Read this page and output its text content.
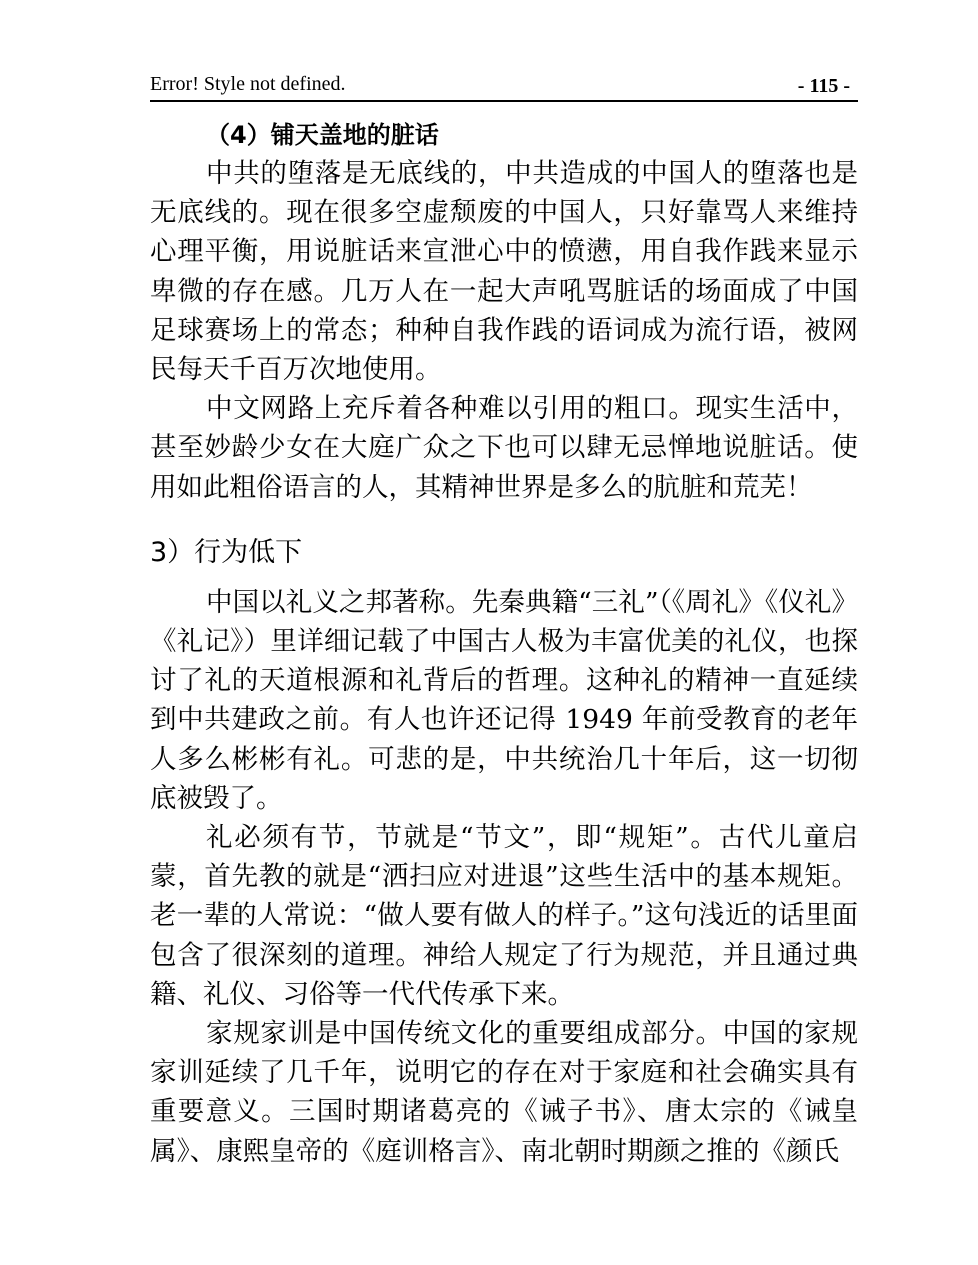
Error! Style not defined.	- 115 -
（4）铺天盖地的脏话

中共的堕落是无底线的，中共造成的中国人的堕落也是无底线的。现在很多空虚颓废的中国人，只好靠骂人来维持心理平衡，用说脏话来宣泄心中的愤懑，用自我作践来显示卑微的存在感。几万人在一起大声吼骂脏话的场面成了中国足球赛场上的常态；种种自我作践的语词成为流行语，被网民每天千百万次地使用。

中文网路上充斥着各种难以引用的粗口。现实生活中，甚至妙龄少女在大庭广众之下也可以肆无忌惮地说脏话。使用如此粗俗语言的人，其精神世界是多么的肮脏和荒芜！

3）行为低下

中国以礼义之邦著称。先秦典籍“三礼”（《周礼》《仪礼》《礼记》）里详细记载了中国古人极为丰富优美的礼仪，也探讨了礼的天道根源和礼背后的哲理。这种礼的精神一直延续到中共建政之前。有人也许还记得 1949 年前受教育的老年人多么彬彬有礼。可悲的是，中共统治几十年后，这一切彻底被毁了。

礼必须有节，节就是“节文”，即“规矩”。古代儿童启蒙，首先教的就是“洒扫应对进退”这些生活中的基本规矩。老一辈的人常说：“做人要有做人的样子。”这句浅近的话里面包含了很深刻的道理。神给人规定了行为规范，并且通过典籍、礼仪、习俗等一代代传承下来。

家规家训是中国传统文化的重要组成部分。中国的家规家训延续了几千年，说明它的存在对于家庭和社会确实具有重要意义。三国时期诸葛亮的《诫子书》、唐太宗的《诫皇属》、康熙皇帝的《庭训格言》、南北朝时期颜之推的《颜氏
